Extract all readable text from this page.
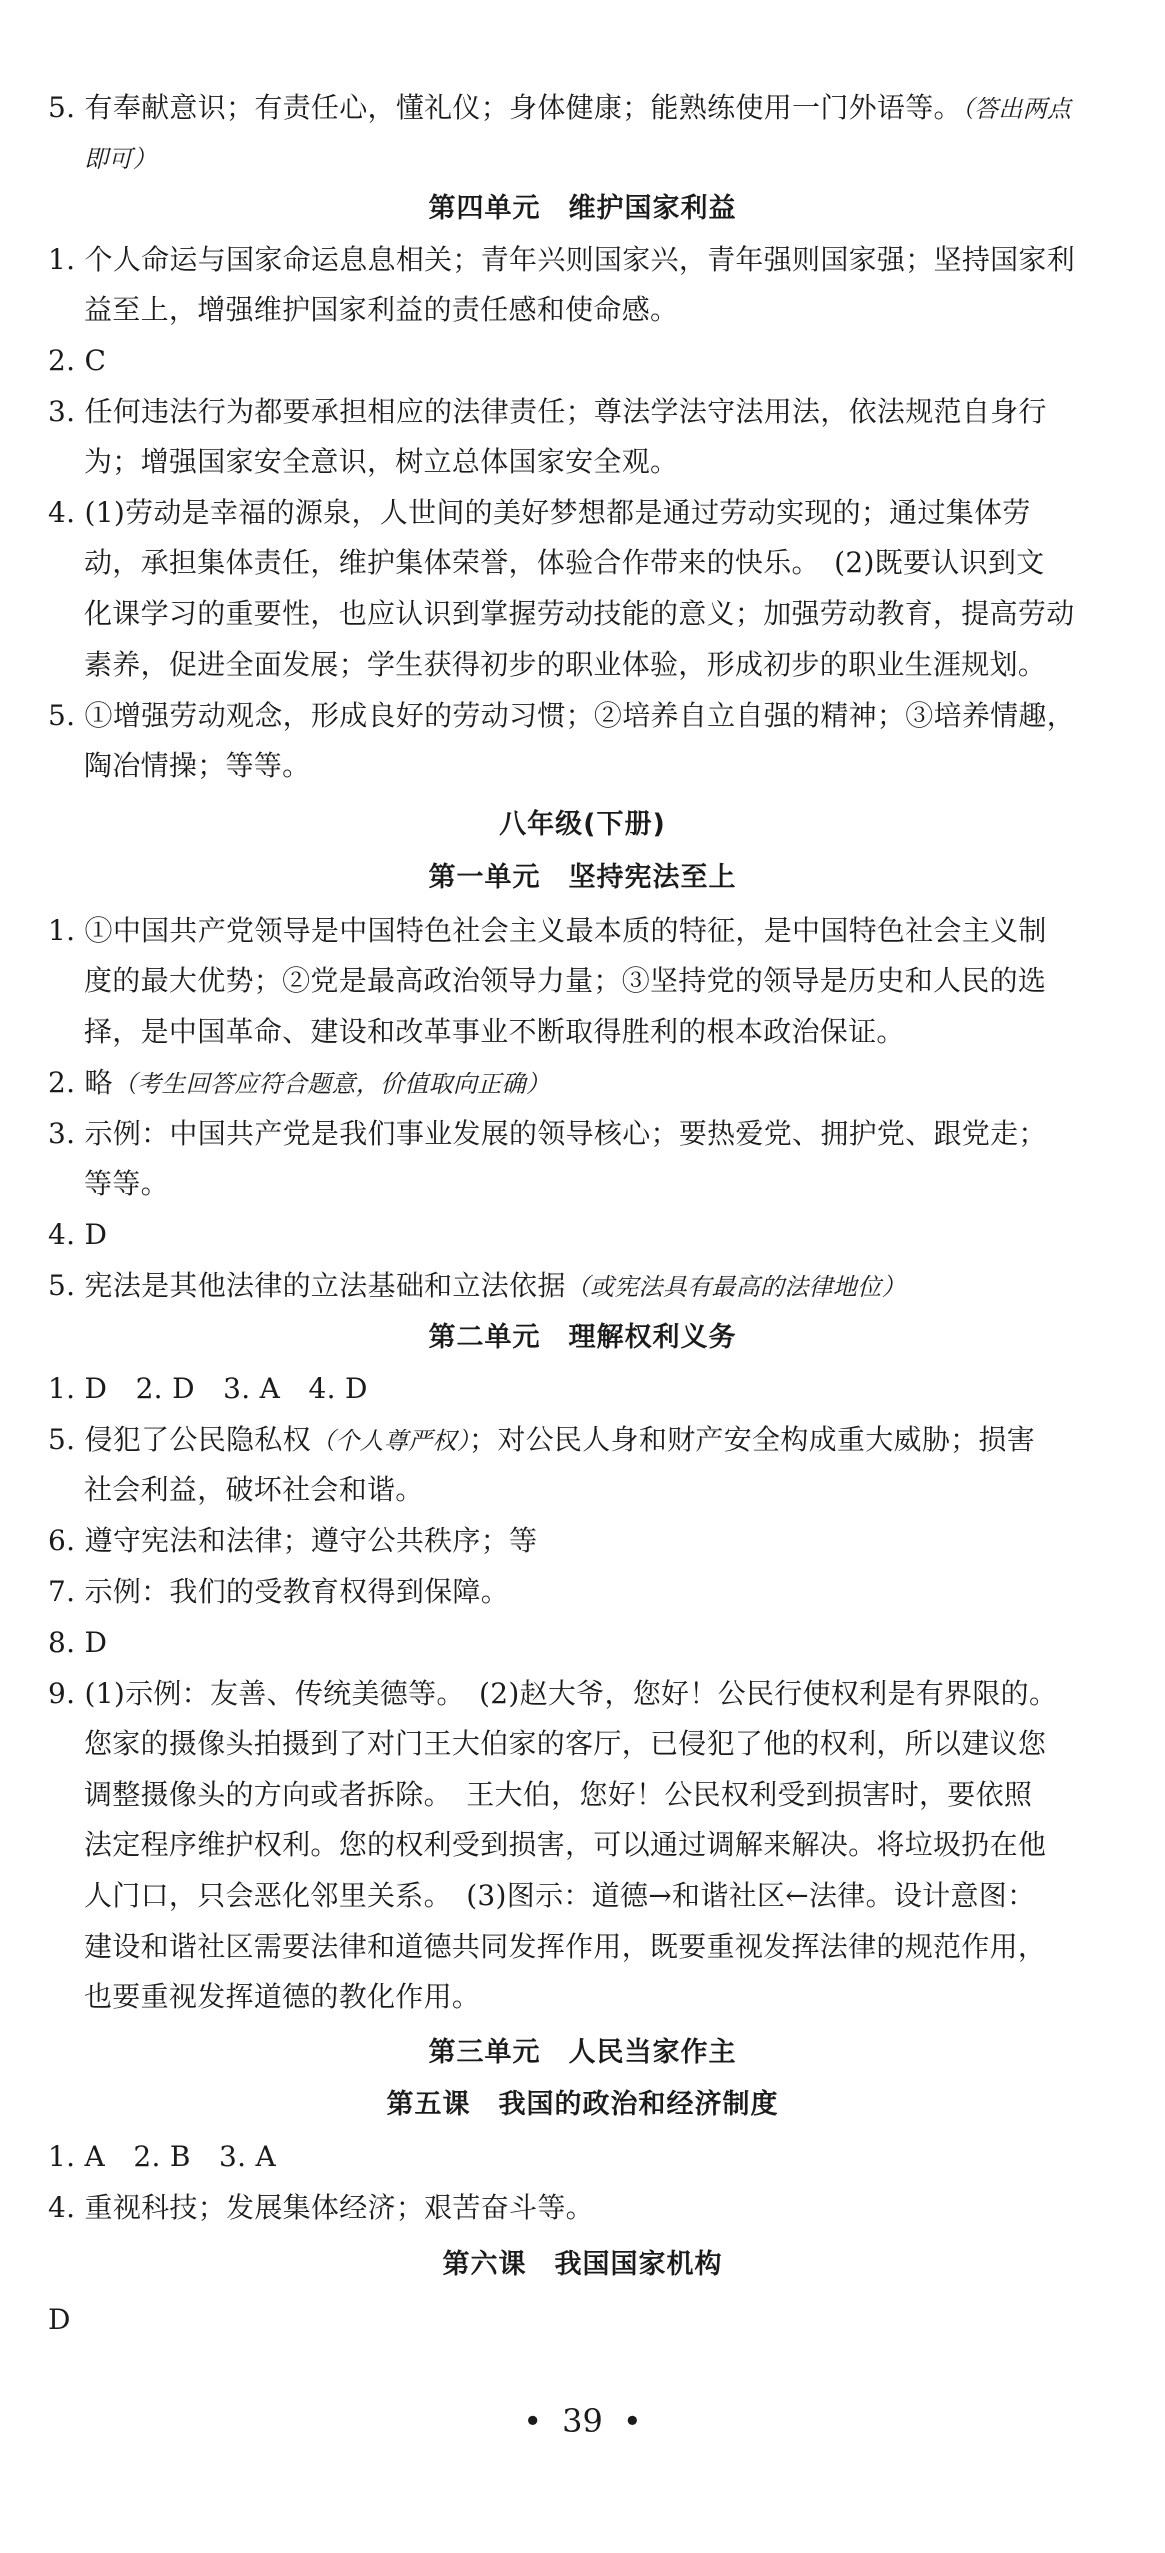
5. 有奉献意识；有责任心，懂礼仪；身体健康；能熟练使用一门外语等。（答出两点
即可）
第四单元　维护国家利益
1. 个人命运与国家命运息息相关；青年兴则国家兴，青年强则国家强；坚持国家利
益至上，增强维护国家利益的责任感和使命感。
2. C
3. 任何违法行为都要承担相应的法律责任；尊法学法守法用法，依法规范自身行
为；增强国家安全意识，树立总体国家安全观。
4. (1)劳动是幸福的源泉，人世间的美好梦想都是通过劳动实现的；通过集体劳
动，承担集体责任，维护集体荣誉，体验合作带来的快乐。　(2)既要认识到文
化课学习的重要性，也应认识到掌握劳动技能的意义；加强劳动教育，提高劳动
素养，促进全面发展；学生获得初步的职业体验，形成初步的职业生涯规划。
5. ①增强劳动观念，形成良好的劳动习惯；②培养自立自强的精神；③培养情趣，
陶冶情操；等等。
八年级(下册)
第一单元　坚持宪法至上
1. ①中国共产党领导是中国特色社会主义最本质的特征，是中国特色社会主义制
度的最大优势；②党是最高政治领导力量；③坚持党的领导是历史和人民的选
择，是中国革命、建设和改革事业不断取得胜利的根本政治保证。
2. 略（考生回答应符合题意，价值取向正确）
3. 示例：中国共产党是我们事业发展的领导核心；要热爱党、拥护党、跟党走；
等等。
4. D
5. 宪法是其他法律的立法基础和立法依据（或宪法具有最高的法律地位）
第二单元　理解权利义务
1. D　2. D　3. A　4. D
5. 侵犯了公民隐私权（个人尊严权）；对公民人身和财产安全构成重大威胁；损害
社会利益，破坏社会和谐。
6. 遵守宪法和法律；遵守公共秩序；等
7. 示例：我们的受教育权得到保障。
8. D
9. (1)示例：友善、传统美德等。　(2)赵大爷，您好！公民行使权利是有界限的。
您家的摄像头拍摄到了对门王大伯家的客厅，已侵犯了他的权利，所以建议您
调整摄像头的方向或者拆除。　王大伯，您好！公民权利受到损害时，要依照
法定程序维护权利。您的权利受到损害，可以通过调解来解决。将垃圾扔在他
人门口，只会恶化邻里关系。　(3)图示：道德→和谐社区←法律。设计意图：
建设和谐社区需要法律和道德共同发挥作用，既要重视发挥法律的规范作用，
也要重视发挥道德的教化作用。
第三单元　人民当家作主
第五课　我国的政治和经济制度
1. A　2. B　3. A
4. 重视科技；发展集体经济；艰苦奋斗等。
第六课　我国国家机构
D
• 39 •
